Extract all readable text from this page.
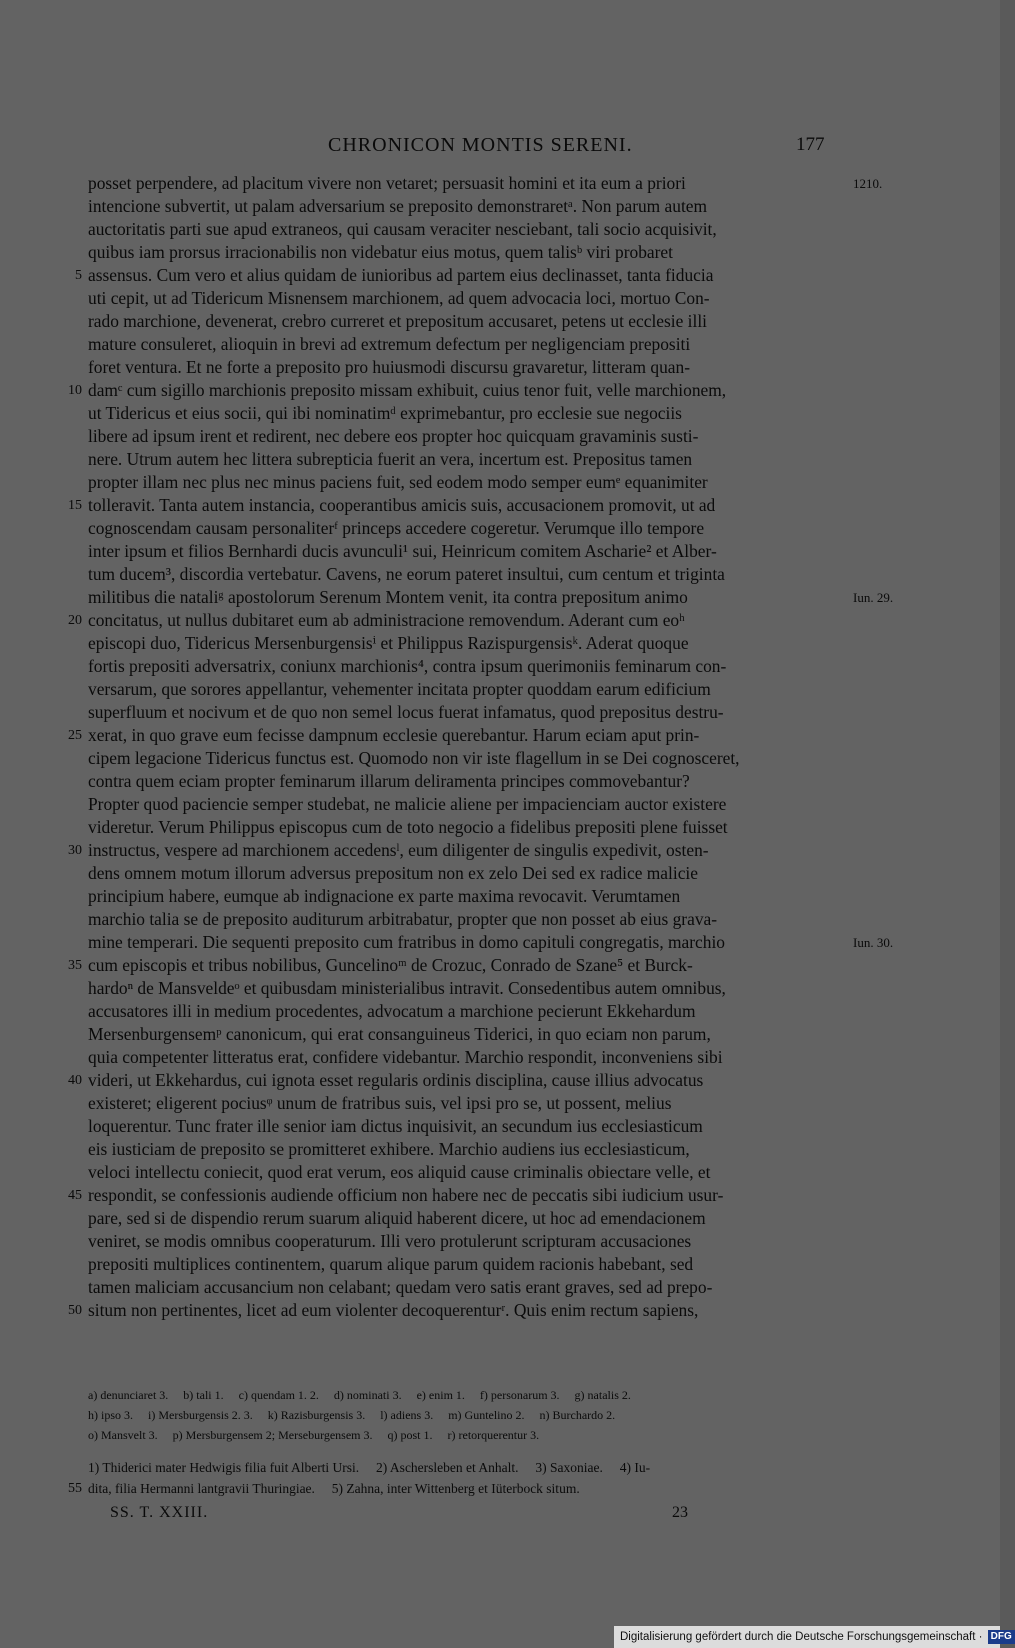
CHRONICON MONTIS SERENI.	177
posset perpendere, ad placitum vivere non vetaret; persuasit homini et ita eum a priori	1210.
intencione subvertit, ut palam adversarium se preposito demonstraretᵃ. Non parum autem
auctoritatis parti sue apud extraneos, qui causam veraciter nesciebant, tali socio acquisivit,
quibus iam prorsus irracionabilis non videbatur eius motus, quem talisᵇ viri probaret
5 assensus. Cum vero et alius quidam de iunioribus ad partem eius declinasset, tanta fiducia
uti cepit, ut ad Tidericum Misnensem marchionem, ad quem advocacia loci, mortuo Con-
rado marchione, devenerat, crebro curreret et prepositum accusaret, petens ut ecclesie illi
mature consuleret, alioquin in brevi ad extremum defectum per negligenciam prepositi
foret ventura. Et ne forte a preposito pro huiusmodi discursu gravaretur, litteram quan-
10 damᶜ cum sigillo marchionis preposito missam exhibuit, cuius tenor fuit, velle marchionem,
ut Tidericus et eius socii, qui ibi nominatimᵈ exprimebantur, pro ecclesie sue negociis
libere ad ipsum irent et redirent, nec debere eos propter hoc quicquam gravaminis susti-
nere. Utrum autem hec littera subrepticia fuerit an vera, incertum est. Prepositus tamen
propter illam nec plus nec minus paciens fuit, sed eodem modo semper eumᵉ equanimiter
15 tolleravit. Tanta autem instancia, cooperantibus amicis suis, accusacionem promovit, ut ad
cognoscendam causam personaliterᶠ princeps accedere cogeretur. Verumque illo tempore
inter ipsum et filios Bernhardi ducis avunculi¹ sui, Heinricum comitem Ascharie² et Alber-
tum ducem³, discordia vertebatur. Cavens, ne eorum pateret insultui, cum centum et triginta
militibus die nataliᵍ apostolorum Serenum Montem venit, ita contra prepositum animo	Iun. 29.
20 concitatus, ut nullus dubitaret eum ab administracione removendum. Aderant cum eoʰ
episcopi duo, Tidericus Mersenburgensisⁱ et Philippus Razispurgensisᵏ. Aderat quoque
fortis prepositi adversatrix, coniunx marchionis⁴, contra ipsum querimoniis feminarum con-
versarum, que sorores appellantur, vehementer incitata propter quoddam earum edificium
superfluum et nocivum et de quo non semel locus fuerat infamatus, quod prepositus destru-
25 xerat, in quo grave eum fecisse dampnum ecclesie querebantur. Harum eciam aput prin-
cipem legacione Tidericus functus est. Quomodo non vir iste flagellum in se Dei cognosceret,
contra quem eciam propter feminarum illarum deliramenta principes commovebantur?
Propter quod paciencie semper studebat, ne malicie aliene per impacienciam auctor existere
videretur. Verum Philippus episcopus cum de toto negocio a fidelibus prepositi plene fuisset
30 instructus, vespere ad marchionem accedensˡ, eum diligenter de singulis expedivit, osten-
dens omnem motum illorum adversus prepositum non ex zelo Dei sed ex radice malicie
principium habere, eumque ab indignacione ex parte maxima revocavit. Verumtamen
marchio talia se de preposito auditurum arbitrabatur, propter que non posset ab eius grava-
mine temperari. Die sequenti preposito cum fratribus in domo capituli congregatis, marchio	Iun. 30.
35 cum episcopis et tribus nobilibus, Guncelinoᵐ de Crozuc, Conrado de Szane⁵ et Burck-
hardoⁿ de Mansveldeᵒ et quibusdam ministerialibus intravit. Consedentibus autem omnibus,
accusatores illi in medium procedentes, advocatum a marchione pecierunt Ekkehardum
Mersenburgensemᵖ canonicum, qui erat consanguineus Tiderici, in quo eciam non parum,
quia competenter litteratus erat, confidere videbantur. Marchio respondit, inconveniens sibi
40 videri, ut Ekkehardus, cui ignota esset regularis ordinis disciplina, cause illius advocatus
existeret; eligerent pociusᵠ unum de fratribus suis, vel ipsi pro se, ut possent, melius
loquerentur. Tunc frater ille senior iam dictus inquisivit, an secundum ius ecclesiasticum
eis iusticiam de preposito se promitteret exhibere. Marchio audiens ius ecclesiasticum,
veloci intellectu coniecit, quod erat verum, eos aliquid cause criminalis obiectare velle, et
45 respondit, se confessionis audiende officium non habere nec de peccatis sibi iudicium usur-
pare, sed si de dispendio rerum suarum aliquid haberent dicere, ut hoc ad emendacionem
veniret, se modis omnibus cooperaturum. Illi vero protulerunt scripturam accusaciones
prepositi multiplices continentem, quarum alique parum quidem racionis habebant, sed
tamen maliciam accusancium non celabant; quedam vero satis erant graves, sed ad prepo-
50 situm non pertinentes, licet ad eum violenter decoquerenturʳ. Quis enim rectum sapiens,
a) denunciaret 3.     b) tali 1.     c) quendam 1. 2.     d) nominati 3.     e) enim 1.     f) personarum 3.     g) natalis 2.
h) ipso 3.     i) Mersburgensis 2. 3.     k) Razisburgensis 3.     l) adiens 3.     m) Guntelino 2.     n) Burchardo 2.
o) Mansvelt 3.     p) Mersburgensem 2; Merseburgensem 3.     q) post 1.     r) retorquerentur 3.
1) Thiderici mater Hedwigis filia fuit Alberti Ursi.     2) Aschersleben et Anhalt.     3) Saxoniae.     4) Iu-
55 dita, filia Hermanni lantgravii Thuringiae.     5) Zahna, inter Wittenberg et Iüterbock situm.
SS. T. XXIII.	23
Digitalisierung gefördert durch die Deutsche Forschungsgemeinschaft · DFG
